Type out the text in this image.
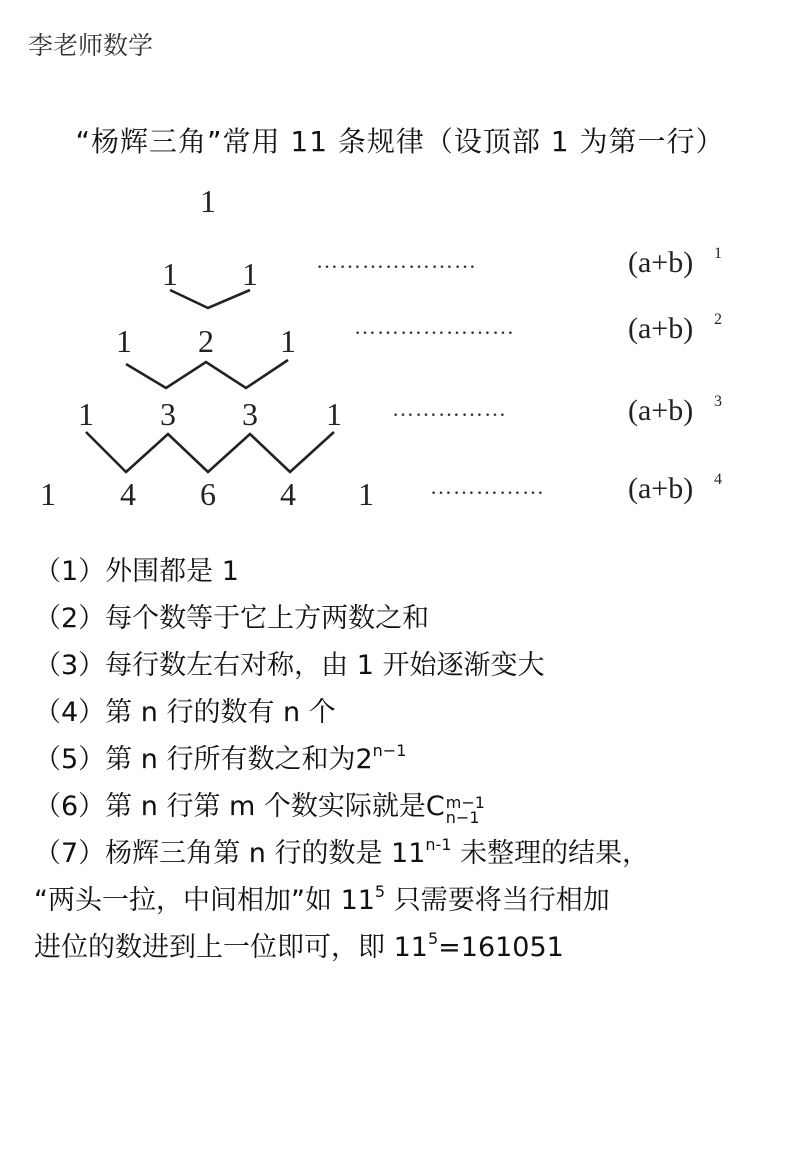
李老师数学
“杨辉三角”常用 11 条规律（设顶部 1 为第一行）
1
1 1
1 2 1
1 3 3 1
1 4 6 4 1
…………………	(a+b) 1
…………………	(a+b) 2
……………	(a+b) 3
……………	(a+b) 4
（1）外围都是 1
（2）每个数等于它上方两数之和
（3）每行数左右对称，由 1 开始逐渐变大
（4）第 n 行的数有 n 个
（5）第 n 行所有数之和为$2^{n-1}$
（6）第 n 行第 m 个数实际就是C m−1
n−1
（7）杨辉三角第 n 行的数是 11$^{n-1}$ 未整理的结果，
“两头一拉，中间相加”如 $11^5$ 只需要将当行相加
进位的数进到上一位即可，即 $11^5=161051$
